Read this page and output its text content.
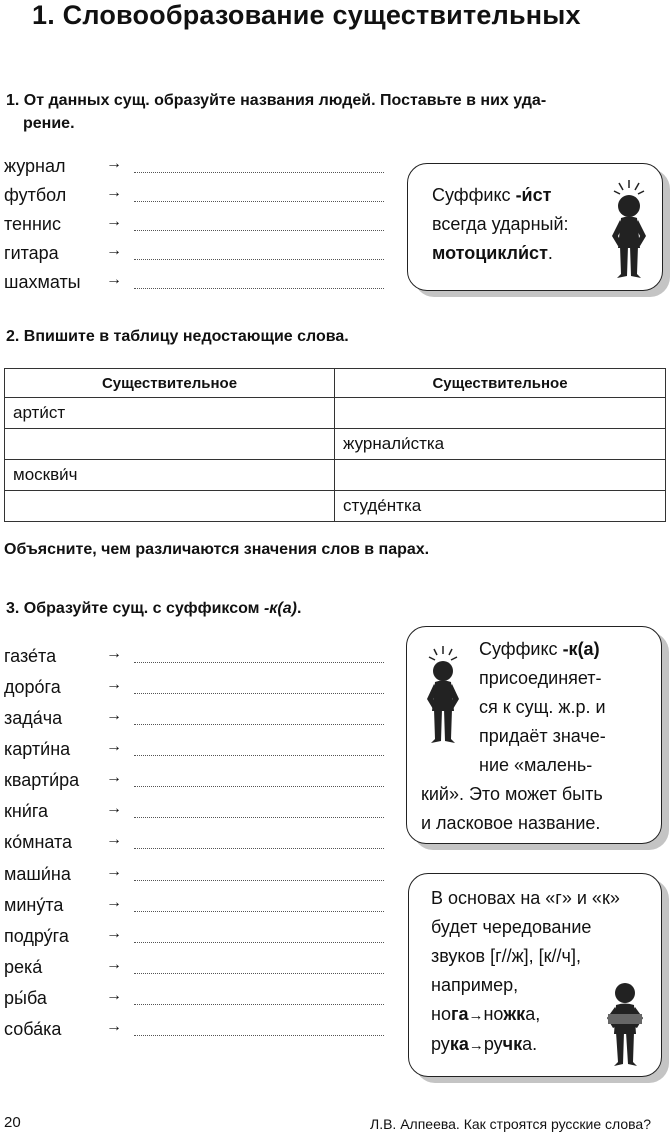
1. Словообразование существительных
1. От данных сущ. образуйте названия людей. Поставьте в них уда-
рение.
журнал	→
футбол →
теннис	→
гитара	→
шахматы →
Суффикс -и́ст
всегда ударный:
мотоцикли́ст.
2. Впишите в таблицу недостающие слова.
Существительное	Существительное
арти́ст	
	журнали́стка
москви́ч	
	студе́нтка
Объясните, чем различаются значения слов в парах.
3. Образуйте сущ. с суффиксом -к(а).
газе́та	→
доро́га	→
зада́ча	→
карти́на →
кварти́ра →
кни́га	→
ко́мната →
маши́на →
мину́та	→
подру́га →
река́	→
ры́ба	→
соба́ка	→
Суффикс -к(а)
присоединяет-
ся к сущ. ж.р. и
придаёт значе-
ние «малень-
кий». Это может быть
и ласковое название.
В основах на «г» и «к»
будет чередование
звуков [г//ж], [к//ч],
например,
нога→ножка,
рука→ручка.
20	Л.В. Алпеева. Как строятся русские слова?
